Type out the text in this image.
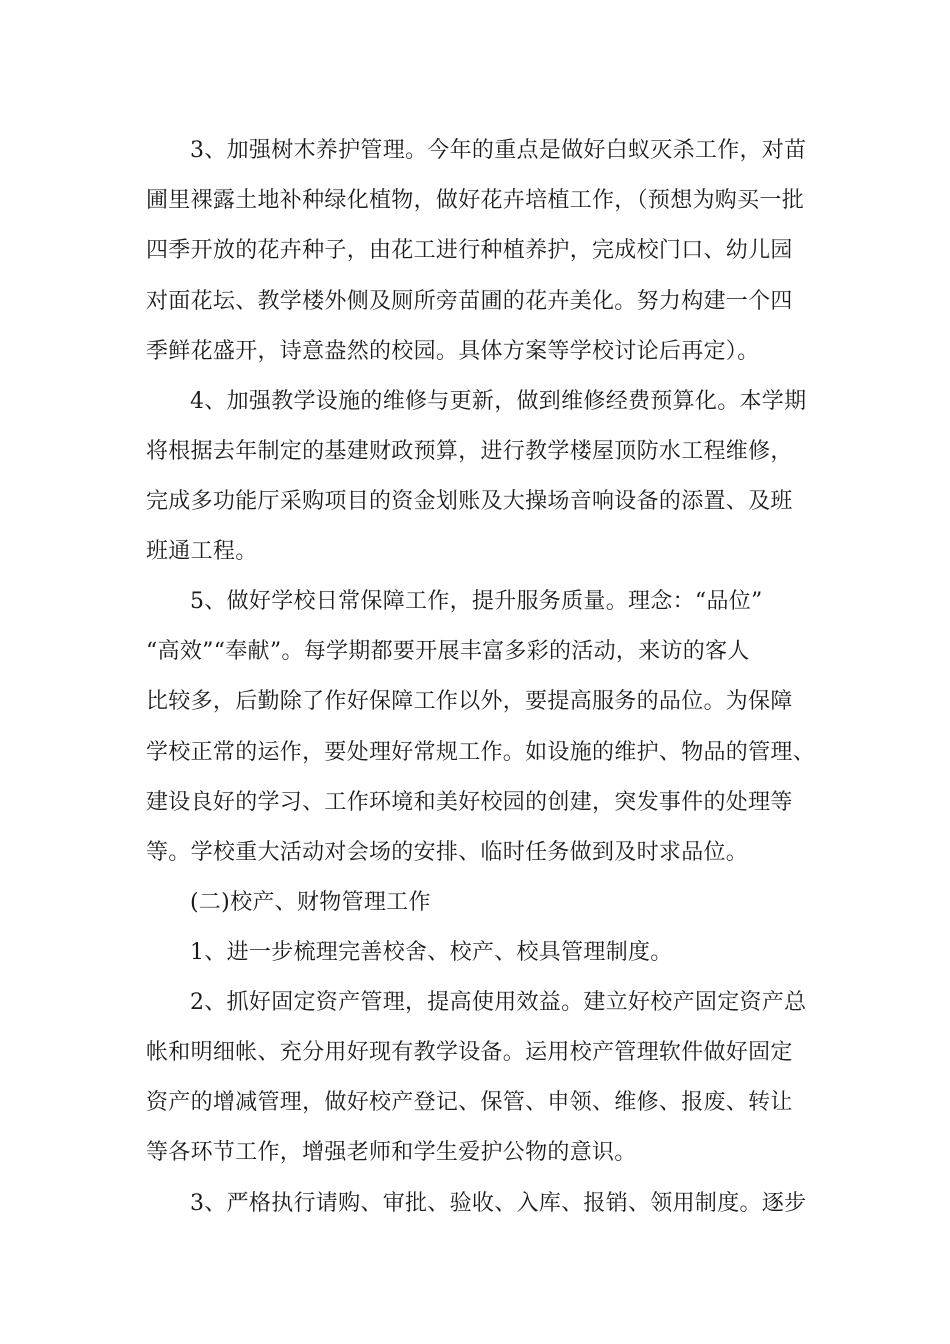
3、加强树木养护管理。今年的重点是做好白蚁灭杀工作，对苗
圃里裸露土地补种绿化植物，做好花卉培植工作，（预想为购买一批
四季开放的花卉种子，由花工进行种植养护，完成校门口、幼儿园
对面花坛、教学楼外侧及厕所旁苗圃的花卉美化。努力构建一个四
季鲜花盛开，诗意盎然的校园。具体方案等学校讨论后再定）。
4、加强教学设施的维修与更新，做到维修经费预算化。本学期
将根据去年制定的基建财政预算，进行教学楼屋顶防水工程维修，
完成多功能厅采购项目的资金划账及大操场音响设备的添置、及班
班通工程。
5、做好学校日常保障工作，提升服务质量。理念：“品位”
“高效”“奉献”。每学期都要开展丰富多彩的活动，来访的客人
比较多，后勤除了作好保障工作以外，要提高服务的品位。为保障
学校正常的运作，要处理好常规工作。如设施的维护、物品的管理、
建设良好的学习、工作环境和美好校园的创建，突发事件的处理等
等。学校重大活动对会场的安排、临时任务做到及时求品位。
(二)校产、财物管理工作
1、进一步梳理完善校舍、校产、校具管理制度。
2、抓好固定资产管理，提高使用效益。建立好校产固定资产总
帐和明细帐、充分用好现有教学设备。运用校产管理软件做好固定
资产的增减管理，做好校产登记、保管、申领、维修、报废、转让
等各环节工作，增强老师和学生爱护公物的意识。
3、严格执行请购、审批、验收、入库、报销、领用制度。逐步
